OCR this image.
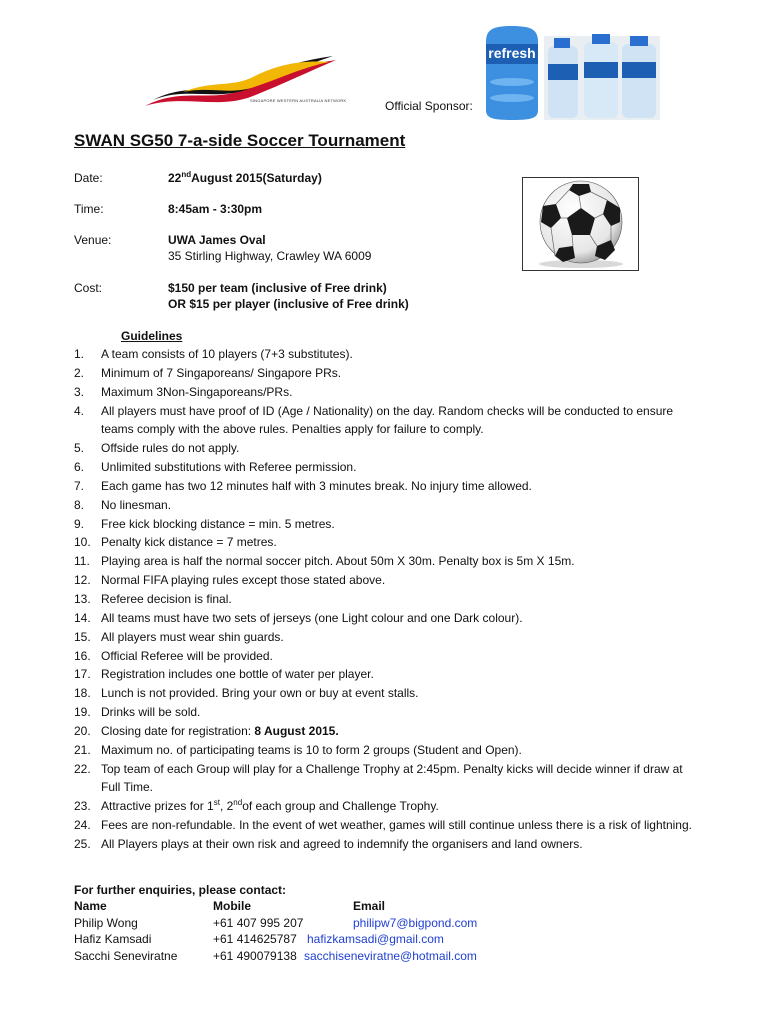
SINGAPORE WESTERN AUSTRALIA NETWORK	Official Sponsor:
refresh
SWAN SG50 7-a-side Soccer Tournament
Date:	22ndAugust 2015(Saturday)
Time:	8:45am - 3:30pm
Venue:	UWA James Oval
35 Stirling Highway, Crawley WA 6009
Cost:	$150 per team (inclusive of Free drink)
OR $15 per player (inclusive of Free drink)
Guidelines
1. A team consists of 10 players (7+3 substitutes).
2. Minimum of 7 Singaporeans/ Singapore PRs.
3. Maximum 3Non-Singaporeans/PRs.
4. All players must have proof of ID (Age / Nationality) on the day. Random checks will be conducted to ensure teams comply with the above rules. Penalties apply for failure to comply.
5. Offside rules do not apply.
6. Unlimited substitutions with Referee permission.
7. Each game has two 12 minutes half with 3 minutes break. No injury time allowed.
8. No linesman.
9. Free kick blocking distance = min. 5 metres.
10. Penalty kick distance = 7 metres.
11. Playing area is half the normal soccer pitch. About 50m X 30m. Penalty box is 5m X 15m.
12. Normal FIFA playing rules except those stated above.
13. Referee decision is final.
14. All teams must have two sets of jerseys (one Light colour and one Dark colour).
15. All players must wear shin guards.
16. Official Referee will be provided.
17. Registration includes one bottle of water per player.
18. Lunch is not provided. Bring your own or buy at event stalls.
19. Drinks will be sold.
20. Closing date for registration: 8 August 2015.
21. Maximum no. of participating teams is 10 to form 2 groups (Student and Open).
22. Top team of each Group will play for a Challenge Trophy at 2:45pm. Penalty kicks will decide winner if draw at Full Time.
23. Attractive prizes for 1st, 2ndof each group and Challenge Trophy.
24. Fees are non-refundable. In the event of wet weather, games will still continue unless there is a risk of lightning.
25. All Players plays at their own risk and agreed to indemnify the organisers and land owners.
For further enquiries, please contact:
Name	Mobile	Email
Philip Wong	+61 407 995 207	philipw7@bigpond.com
Hafiz Kamsadi	+61 414625787 hafizkamsadi@gmail.com
Sacchi Seneviratne	+61 490079138 sacchiseneviratne@hotmail.com
